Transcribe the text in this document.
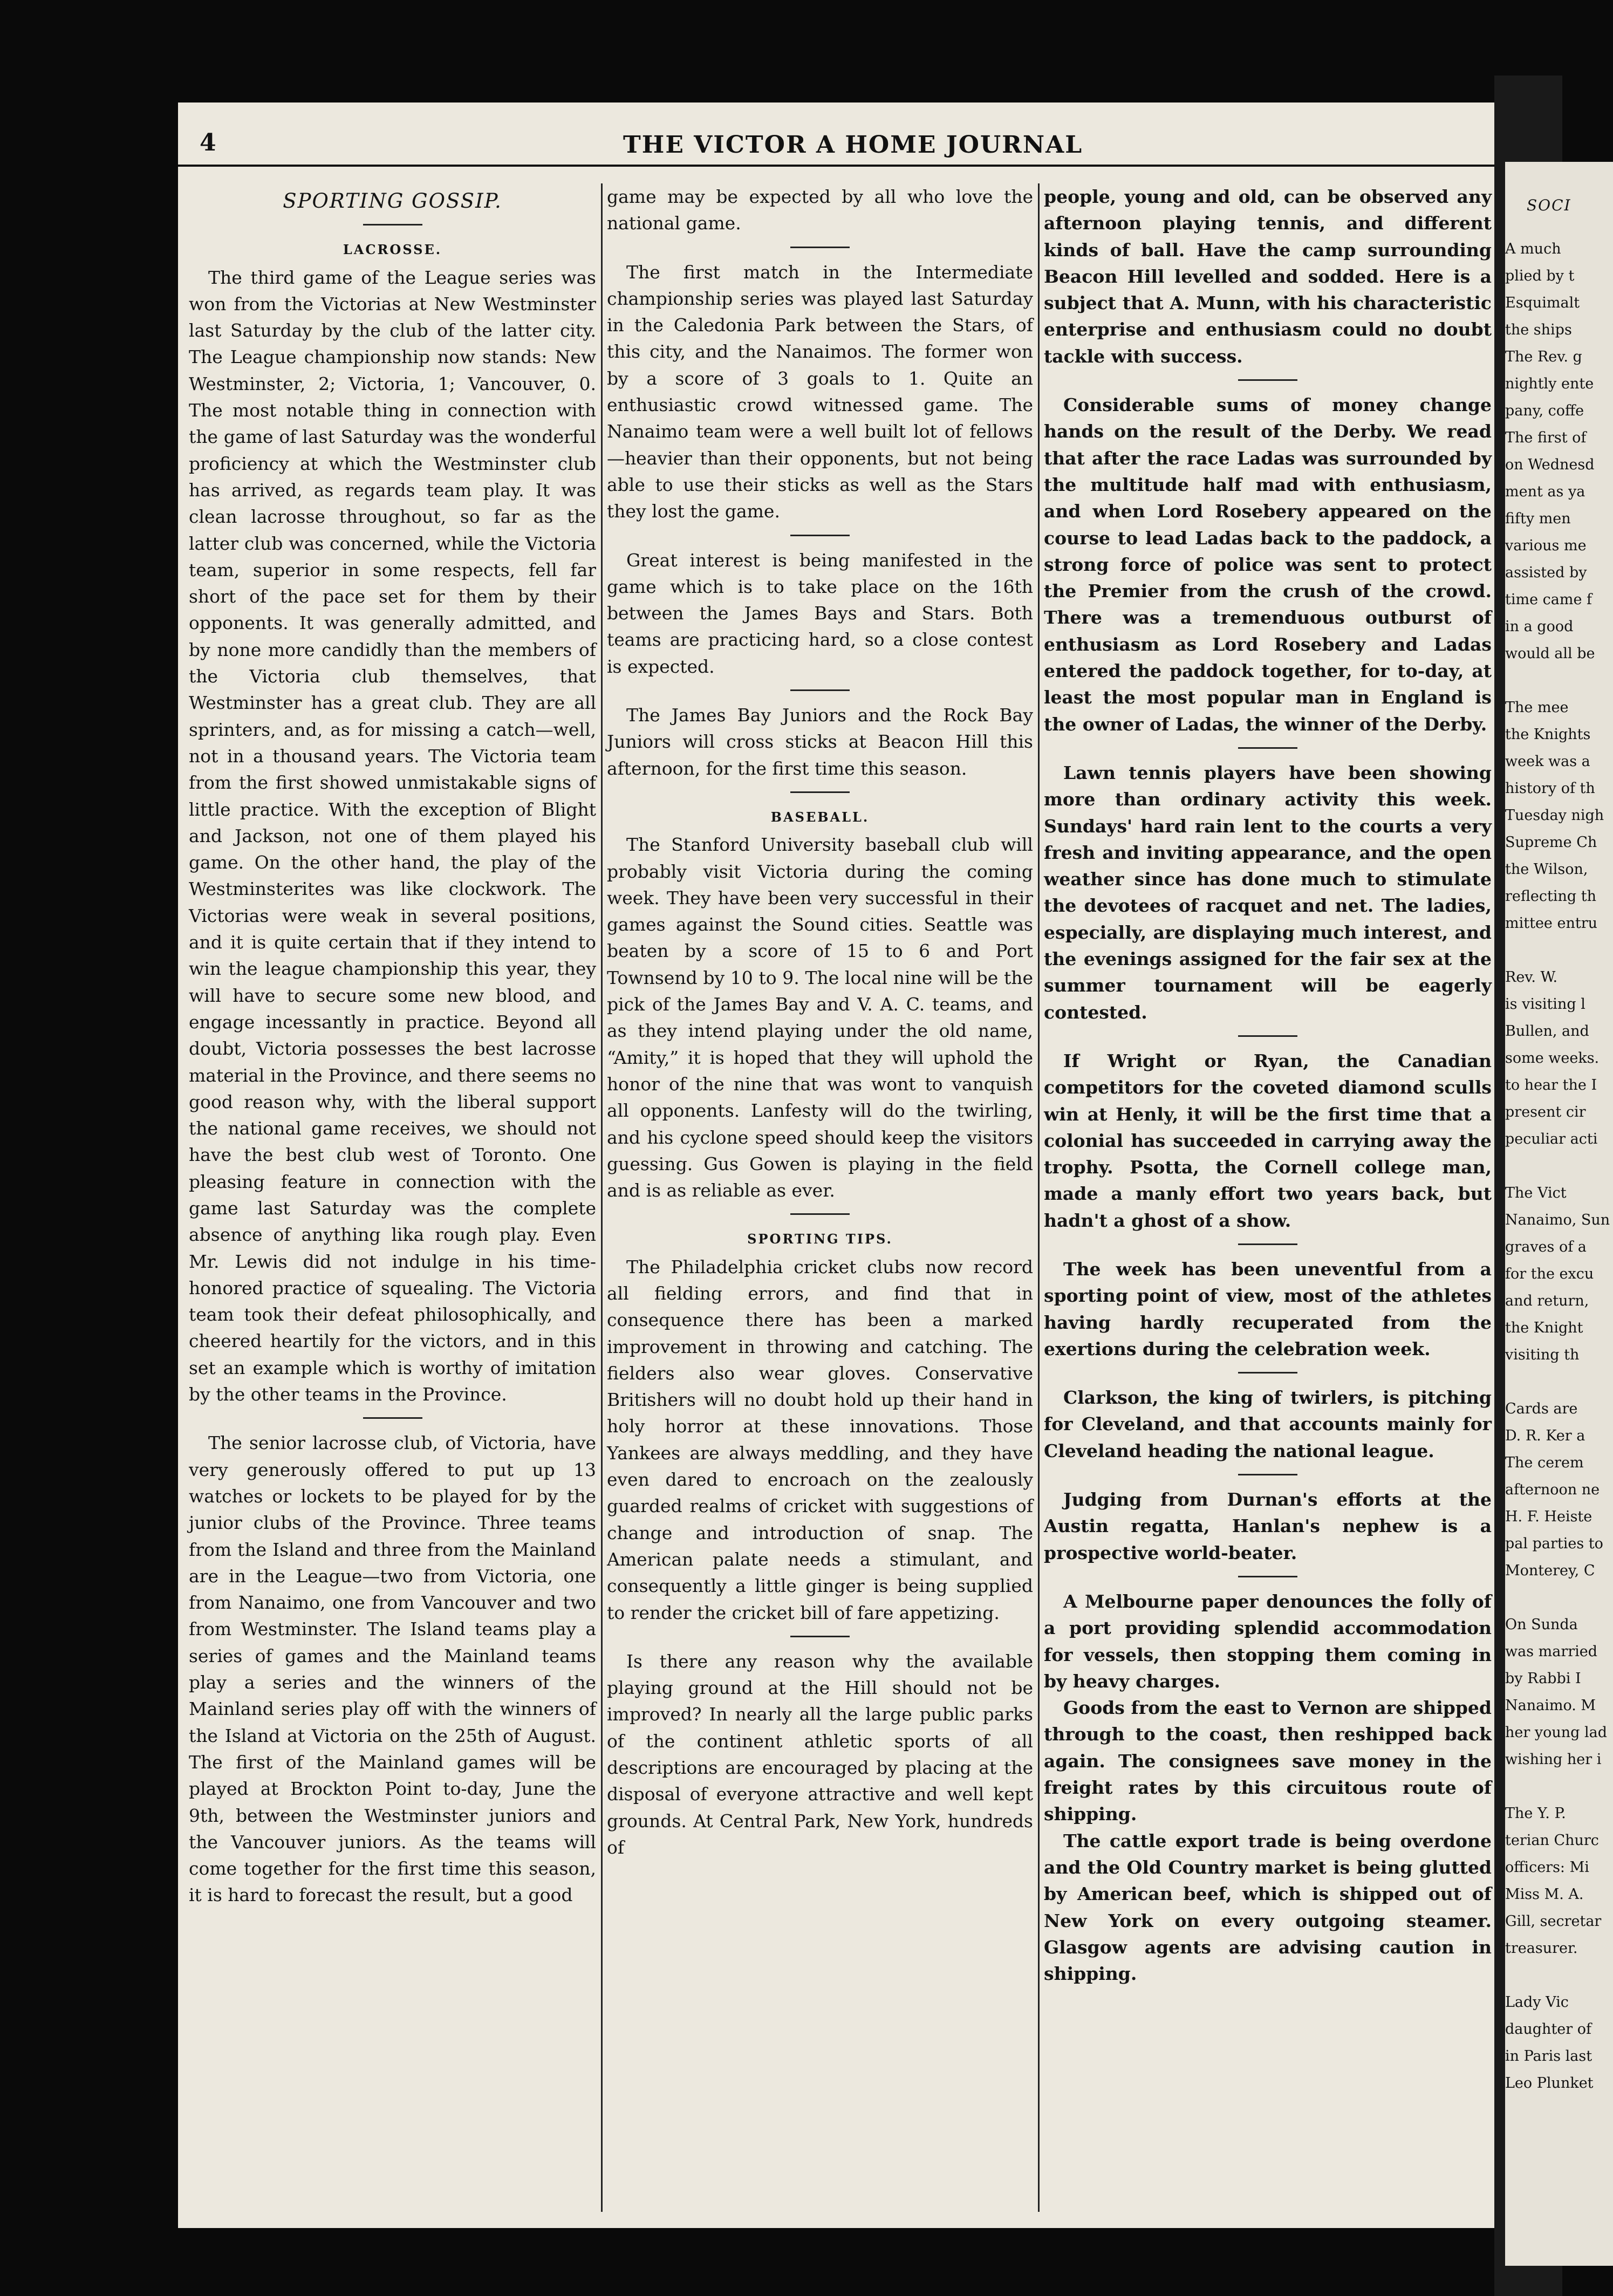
SOCI
A much
plied by t
Esquimalt
the ships
The Rev. g
nightly ente
pany, coffe
The first of
on Wednesd
ment as ya
fifty men
various me
assisted by
time came f
in a good
would all be
The mee
the Knights
week was a
history of th
Tuesday nigh
Supreme Ch
the Wilson,
reflecting th
mittee entru
Rev. W.
is visiting l
Bullen, and
some weeks.
to hear the I
present cir
peculiar acti
The Vict
Nanaimo, Sun
graves of a
for the excu
and return,
the Knight
visiting th
Cards are
D. R. Ker a
The cerem
afternoon ne
H. F. Heiste
pal parties to
Monterey, C
On Sunda
was married
by Rabbi I
Nanaimo. M
her young lad
wishing her i
The Y. P.
terian Churc
officers: Mi
Miss M. A.
Gill, secretar
treasurer.
Lady Vic
daughter of
in Paris last
Leo Plunket
4	THE VICTOR A HOME JOURNAL
SPORTING GOSSIP.
LACROSSE.

The third game of the League series was won from the Victorias at New Westminster last Saturday by the club of the latter city. The League championship now stands: New Westminster, 2; Victoria, 1; Vancouver, 0. The most notable thing in connection with the game of last Saturday was the wonderful proficiency at which the Westminster club has arrived, as regards team play. It was clean lacrosse throughout, so far as the latter club was concerned, while the Victoria team, superior in some respects, fell far short of the pace set for them by their opponents. It was generally admitted, and by none more candidly than the members of the Victoria club themselves, that Westminster has a great club. They are all sprinters, and, as for missing a catch—well, not in a thousand years. The Victoria team from the first showed unmistakable signs of little practice. With the exception of Blight and Jackson, not one of them played his game. On the other hand, the play of the Westminsterites was like clockwork. The Victorias were weak in several positions, and it is quite certain that if they intend to win the league championship this year, they will have to secure some new blood, and engage incessantly in practice. Beyond all doubt, Victoria possesses the best lacrosse material in the Province, and there seems no good reason why, with the liberal support the national game receives, we should not have the best club west of Toronto. One pleasing feature in connection with the game last Saturday was the complete absence of anything lika rough play. Even Mr. Lewis did not indulge in his time-honored practice of squealing. The Victoria team took their defeat philosophically, and cheered heartily for the victors, and in this set an example which is worthy of imitation by the other teams in the Province.

The senior lacrosse club, of Victoria, have very generously offered to put up 13 watches or lockets to be played for by the junior clubs of the Province. Three teams from the Island and three from the Mainland are in the League—two from Victoria, one from Nanaimo, one from Vancouver and two from Westminster. The Island teams play a series of games and the Mainland teams play a series and the winners of the Mainland series play off with the winners of the Island at Victoria on the 25th of August. The first of the Mainland games will be played at Brockton Point to-day, June the 9th, between the Westminster juniors and the Vancouver juniors. As the teams will come together for the first time this season, it is hard to forecast the result, but a good

game may be expected by all who love the national game.

The first match in the Intermediate championship series was played last Saturday in the Caledonia Park between the Stars, of this city, and the Nanaimos. The former won by a score of 3 goals to 1. Quite an enthusiastic crowd witnessed game. The Nanaimo team were a well built lot of fellows—heavier than their opponents, but not being able to use their sticks as well as the Stars they lost the game.

Great interest is being manifested in the game which is to take place on the 16th between the James Bays and Stars. Both teams are practicing hard, so a close contest is expected.

The James Bay Juniors and the Rock Bay Juniors will cross sticks at Beacon Hill this afternoon, for the first time this season.

BASEBALL.

The Stanford University baseball club will probably visit Victoria during the coming week. They have been very successful in their games against the Sound cities. Seattle was beaten by a score of 15 to 6 and Port Townsend by 10 to 9. The local nine will be the pick of the James Bay and V. A. C. teams, and as they intend playing under the old name, “Amity,” it is hoped that they will uphold the honor of the nine that was wont to vanquish all opponents. Lanfesty will do the twirling, and his cyclone speed should keep the visitors guessing. Gus Gowen is playing in the field and is as reliable as ever.

SPORTING TIPS.

The Philadelphia cricket clubs now record all fielding errors, and find that in consequence there has been a marked improvement in throwing and catching. The fielders also wear gloves. Conservative Britishers will no doubt hold up their hand in holy horror at these innovations. Those Yankees are always meddling, and they have even dared to encroach on the zealously guarded realms of cricket with suggestions of change and introduction of snap. The American palate needs a stimulant, and consequently a little ginger is being supplied to render the cricket bill of fare appetizing.

Is there any reason why the available playing ground at the Hill should not be improved? In nearly all the large public parks of the continent athletic sports of all descriptions are encouraged by placing at the disposal of everyone attractive and well kept grounds. At Central Park, New York, hundreds of

people, young and old, can be observed any afternoon playing tennis, and different kinds of ball. Have the camp surrounding Beacon Hill levelled and sodded. Here is a subject that A. Munn, with his characteristic enterprise and enthusiasm could no doubt tackle with success.

Considerable sums of money change hands on the result of the Derby. We read that after the race Ladas was surrounded by the multitude half mad with enthusiasm, and when Lord Rosebery appeared on the course to lead Ladas back to the paddock, a strong force of police was sent to protect the Premier from the crush of the crowd. There was a tremenduous outburst of enthusiasm as Lord Rosebery and Ladas entered the paddock together, for to-day, at least the most popular man in England is the owner of Ladas, the winner of the Derby.

Lawn tennis players have been showing more than ordinary activity this week. Sundays' hard rain lent to the courts a very fresh and inviting appearance, and the open weather since has done much to stimulate the devotees of racquet and net. The ladies, especially, are displaying much interest, and the evenings assigned for the fair sex at the summer tournament will be eagerly contested.

If Wright or Ryan, the Canadian competitors for the coveted diamond sculls win at Henly, it will be the first time that a colonial has succeeded in carrying away the trophy. Psotta, the Cornell college man, made a manly effort two years back, but hadn't a ghost of a show.

The week has been uneventful from a sporting point of view, most of the athletes having hardly recuperated from the exertions during the celebration week.

Clarkson, the king of twirlers, is pitching for Cleveland, and that accounts mainly for Cleveland heading the national league.

Judging from Durnan's efforts at the Austin regatta, Hanlan's nephew is a prospective world-beater.

A Melbourne paper denounces the folly of a port providing splendid accommodation for vessels, then stopping them coming in by heavy charges.

Goods from the east to Vernon are shipped through to the coast, then reshipped back again. The consignees save money in the freight rates by this circuitous route of shipping.

The cattle export trade is being overdone and the Old Country market is being glutted by American beef, which is shipped out of New York on every outgoing steamer. Glasgow agents are advising caution in shipping.
